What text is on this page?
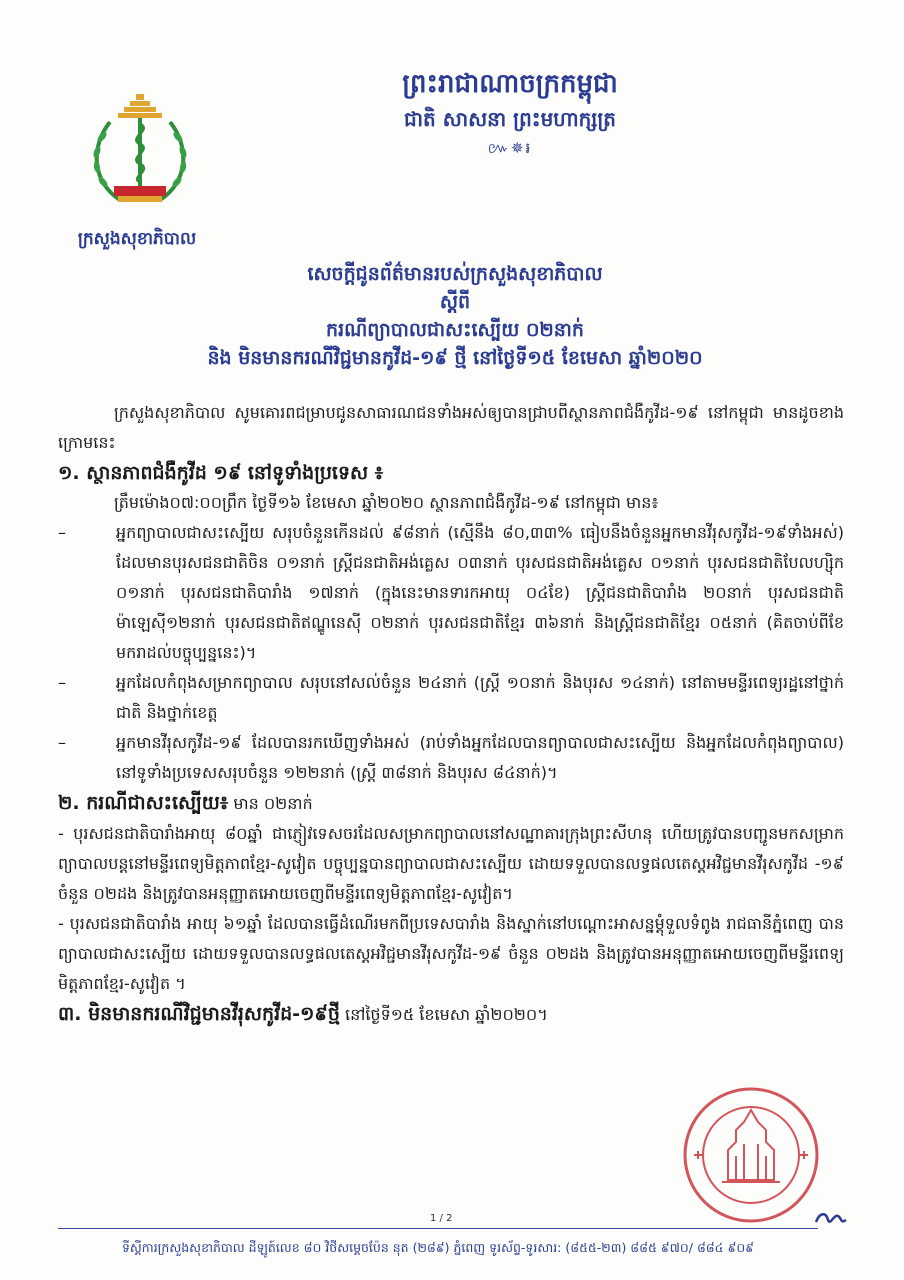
ក្រសួងសុខាភិបាល
ព្រះរាជាណាចក្រកម្ពុជា
ជាតិ សាសនា ព្រះមហាក្សត្រ
៚✵៛
សេចក្តីជូនព័ត៌មានរបស់ក្រសួងសុខាភិបាល
ស្តីពី
ករណីព្យាបាលជាសះស្បើយ ០២នាក់
និង មិនមានករណីវិជ្ជមានកូវីដ-១៩ ថ្មី នៅថ្ងៃទី១៥ ខែមេសា ឆ្នាំ២០២០

ក្រសួងសុខាភិបាល សូមគោរពជម្រាបជូនសាធារណជនទាំងអស់ឲ្យបានជ្រាបពីស្ថានភាពជំងឺកូវីដ-១៩ នៅកម្ពុជា មានដូចខាងក្រោមនេះ

១. ស្ថានភាពជំងឺកូវីដ ១៩ នៅទូទាំងប្រទេស ៖

ត្រឹមម៉ោង០៧:០០ព្រឹក ថ្ងៃទី១៦ ខែមេសា ឆ្នាំ២០២០ ស្ថានភាពជំងឺកូវីដ-១៩ នៅកម្ពុជា មាន៖

–	អ្នកព្យាបាលជាសះស្បើយ សរុបចំនួនកើនដល់ ៩៨នាក់ (ស្មើនឹង ៨០,៣៣% ធៀបនឹងចំនួនអ្នកមានវីរុសកូវីដ-១៩ទាំងអស់) ដែលមានបុរសជនជាតិចិន ០១នាក់ ស្ត្រីជនជាតិអង់គ្លេស ០៣នាក់ បុរសជនជាតិអង់គ្លេស ០១នាក់ បុរសជនជាតិបែលហ្ស៊ិក ០១នាក់ បុរសជនជាតិបារាំង ១៧នាក់ (ក្នុងនេះមានទារកអាយុ ០៤ខែ) ស្ត្រីជនជាតិបារាំង ២០នាក់ បុរសជនជាតិម៉ាឡេស៊ី១២នាក់ បុរសជនជាតិឥណ្ឌូនេស៊ី ០២នាក់ បុរសជនជាតិខ្មែរ ៣៦នាក់ និងស្ត្រីជនជាតិខ្មែរ ០៥នាក់ (គិតចាប់ពីខែមករាដល់បច្ចុប្បន្ននេះ)។
–	អ្នកដែលកំពុងសម្រាកព្យាបាល សរុបនៅសល់ចំនួន ២៤នាក់ (ស្ត្រី ១០នាក់ និងបុរស ១៤នាក់) នៅតាមមន្ទីរពេទ្យរដ្ឋនៅថ្នាក់ជាតិ និងថ្នាក់ខេត្ត
–	អ្នកមានវីរុសកូវីដ-១៩ ដែលបានរកឃើញទាំងអស់ (រាប់ទាំងអ្នកដែលបានព្យាបាលជាសះស្បើយ និងអ្នកដែលកំពុងព្យាបាល) នៅទូទាំងប្រទេសសរុបចំនួន ១២២នាក់ (ស្ត្រី ៣៨នាក់ និងបុរស ៨៤នាក់)។

២. ករណីជាសះស្បើយ៖ មាន ០២នាក់

- បុរសជនជាតិបារាំងអាយុ ៨០ឆ្នាំ ជាភ្ញៀវទេសចរដែលសម្រាកព្យាបាលនៅសណ្ឋាគារក្រុងព្រះសីហនុ ហើយត្រូវបានបញ្ជូនមកសម្រាកព្យាបាលបន្តនៅមន្ទីរពេទ្យមិត្តភាពខ្មែរ-សូវៀត បច្ចុប្បន្នបានព្យាបាលជាសះស្បើយ ដោយទទួលបានលទ្ធផលតេស្តអវិជ្ជមានវីរុសកូវីដ -១៩ ចំនួន ០២ដង និងត្រូវបានអនុញ្ញាតអោយចេញពីមន្ទីរពេទ្យមិត្តភាពខ្មែរ-សូវៀត។

- បុរសជនជាតិបារាំង អាយុ ៦១ឆ្នាំ ដែលបានធ្វើដំណើរមកពីប្រទេសបារាំង និងស្នាក់នៅបណ្តោះអាសន្នម្តុំទួលទំពូង រាជធានីភ្នំពេញ បានព្យាបាលជាសះស្បើយ ដោយទទួលបានលទ្ធផលតេស្តអវិជ្ជមានវីរុសកូវីដ-១៩ ចំនួន ០២ដង និងត្រូវបានអនុញ្ញាតអោយចេញពីមន្ទីរពេទ្យមិត្តភាពខ្មែរ-សូវៀត ។

៣. មិនមានករណីវិជ្ជមានវីរុសកូវីដ-១៩ថ្មី នៅថ្ងៃទី១៥ ខែមេសា ឆ្នាំ២០២០។

1 / 2
ទីស្តីការក្រសួងសុខាភិបាល ដីឡូត៍លេខ ៨០ វិថីសម្តេចប៉ែន នុត (២៨៩) ភ្នំពេញ ទូរស័ព្ទ-ទូរសារ: (៨៥៥-២៣) ៨៨៥ ៩៧០/ ៨៨៤ ៩០៩
